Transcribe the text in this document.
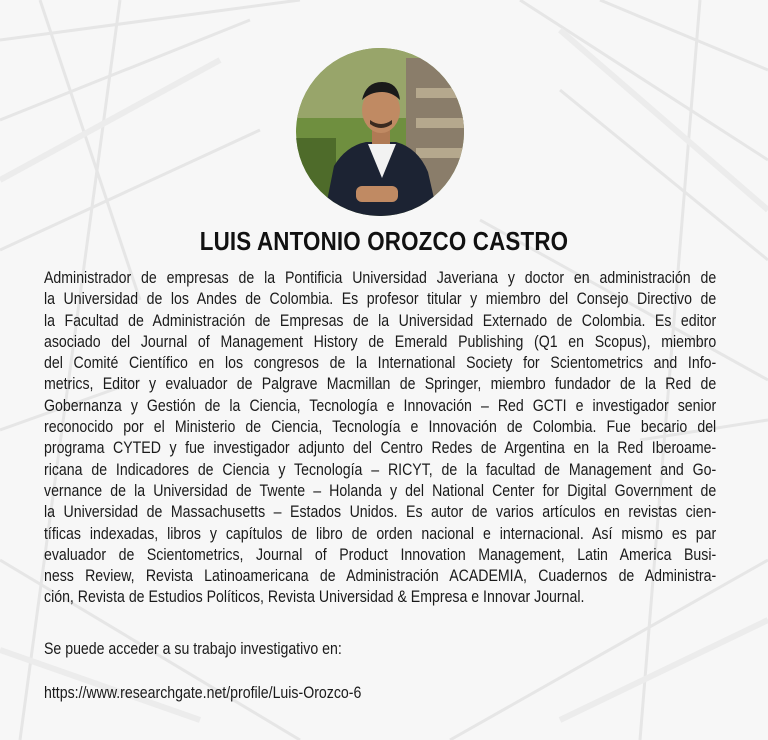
LUIS ANTONIO OROZCO CASTRO
Administrador de empresas de la Pontificia Universidad Javeriana y doctor en administración de
la Universidad de los Andes de Colombia. Es profesor titular y miembro del Consejo Directivo de
la Facultad de Administración de Empresas de la Universidad Externado de Colombia. Es editor
asociado del Journal of Management History de Emerald Publishing (Q1 en Scopus), miembro
del Comité Científico en los congresos de la International Society for Scientometrics and Info-
metrics, Editor y evaluador de Palgrave Macmillan de Springer, miembro fundador de la Red de
Gobernanza y Gestión de la Ciencia, Tecnología e Innovación – Red GCTI e investigador senior
reconocido por el Ministerio de Ciencia, Tecnología e Innovación de Colombia. Fue becario del
programa CYTED y fue investigador adjunto del Centro Redes de Argentina en la Red Iberoame-
ricana de Indicadores de Ciencia y Tecnología – RICYT, de la facultad de Management and Go-
vernance de la Universidad de Twente – Holanda y del National Center for Digital Government de
la Universidad de Massachusetts – Estados Unidos. Es autor de varios artículos en revistas cien-
tíficas indexadas, libros y capítulos de libro de orden nacional e internacional. Así mismo es par
evaluador de Scientometrics, Journal of Product Innovation Management, Latin America Busi-
ness Review, Revista Latinoamericana de Administración ACADEMIA, Cuadernos de Administra-
ción, Revista de Estudios Políticos, Revista Universidad & Empresa e Innovar Journal.
Se puede acceder a su trabajo investigativo en:
https://www.researchgate.net/profile/Luis-Orozco-6
